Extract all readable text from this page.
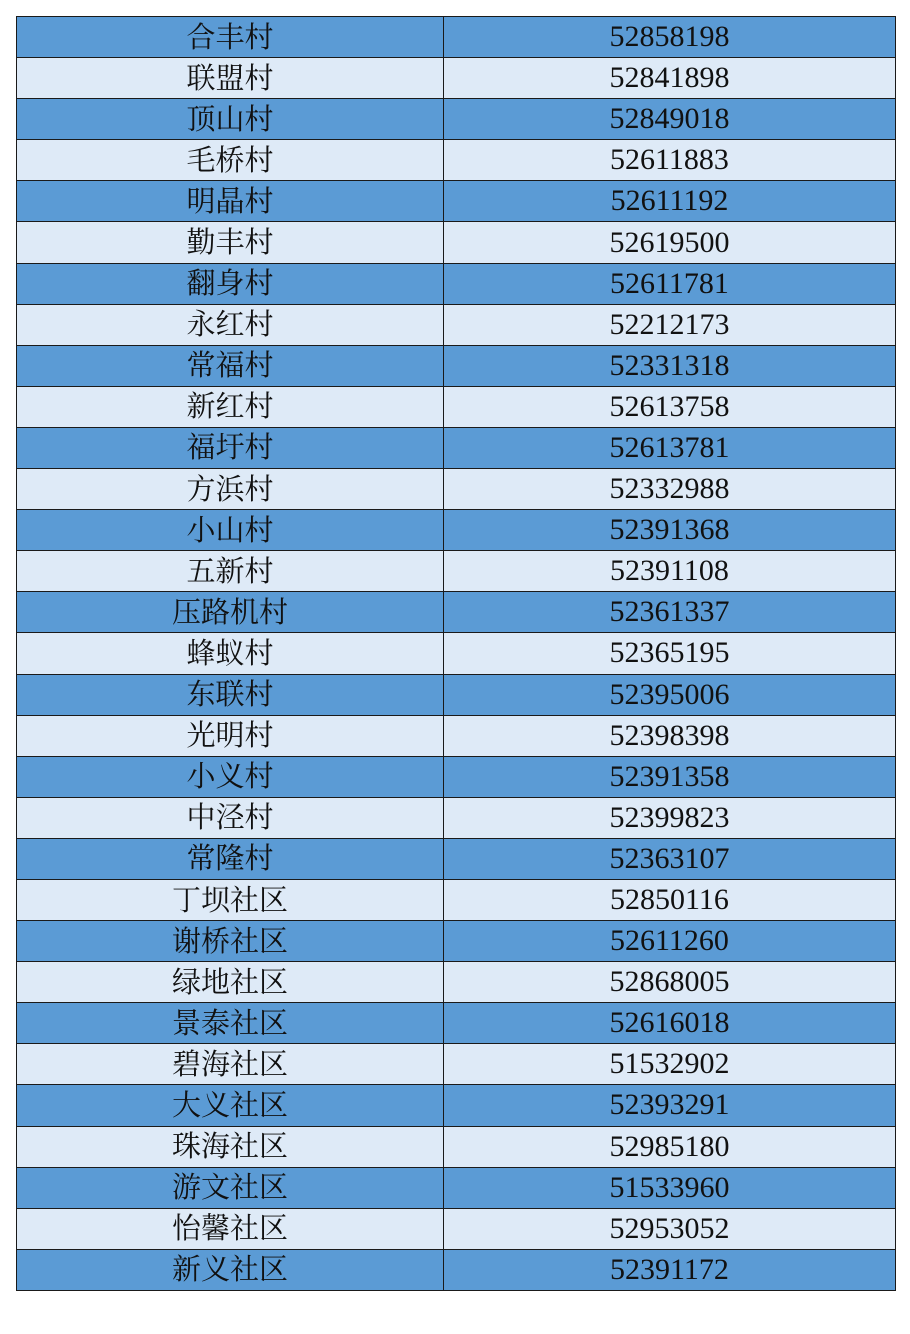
合丰村	52858198
联盟村	52841898
顶山村	52849018
毛桥村	52611883
明晶村	52611192
勤丰村	52619500
翻身村	52611781
永红村	52212173
常福村	52331318
新红村	52613758
福圩村	52613781
方浜村	52332988
小山村	52391368
五新村	52391108
压路机村	52361337
蜂蚁村	52365195
东联村	52395006
光明村	52398398
小义村	52391358
中泾村	52399823
常隆村	52363107
丁坝社区	52850116
谢桥社区	52611260
绿地社区	52868005
景泰社区	52616018
碧海社区	51532902
大义社区	52393291
珠海社区	52985180
游文社区	51533960
怡馨社区	52953052
新义社区	52391172
